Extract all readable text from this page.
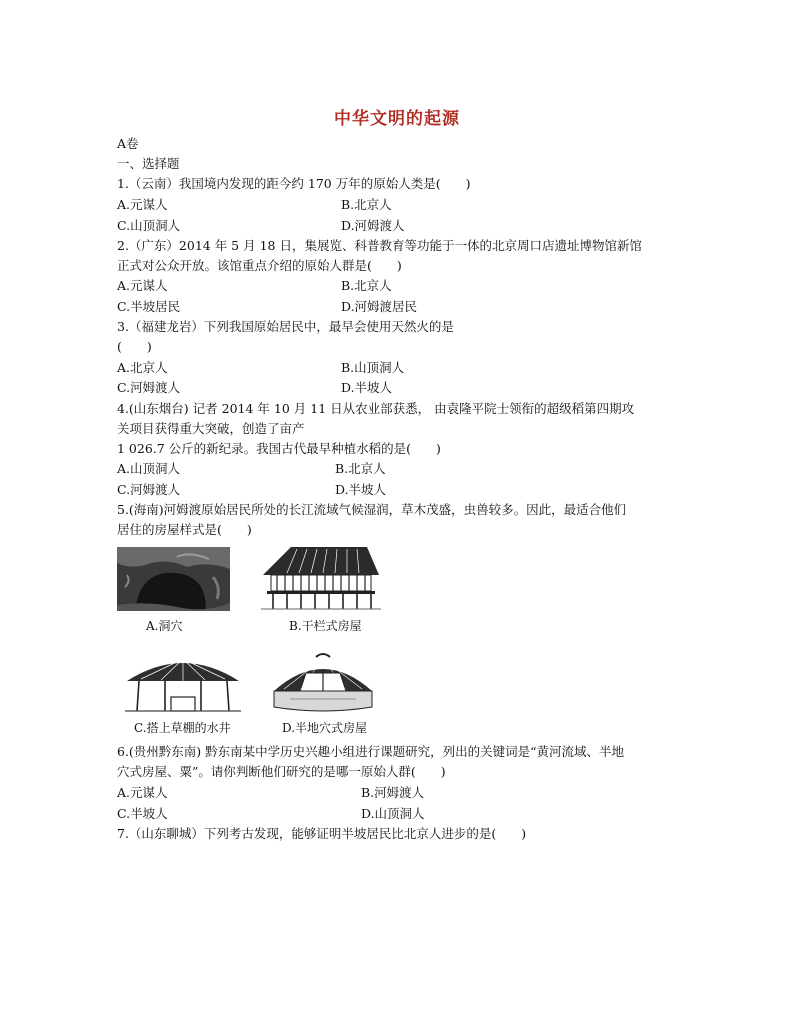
中华文明的起源
A卷
一、选择题
1.（云南）我国境内发现的距今约 170 万年的原始人类是(　　)
A.元谋人	B.北京人
C.山顶洞人	D.河姆渡人
2.（广东）2014 年 5 月 18 日，集展览、科普教育等功能于一体的北京周口店遗址博物馆新馆
正式对公众开放。该馆重点介绍的原始人群是(　　)
A.元谋人	B.北京人
C.半坡居民	D.河姆渡居民
3.（福建龙岩）下列我国原始居民中，最早会使用天然火的是
(　　)
A.北京人	B.山顶洞人
C.河姆渡人	D.半坡人
4.(山东烟台) 记者 2014 年 10 月 11 日从农业部获悉， 由袁隆平院士领衔的超级稻第四期攻
关项目获得重大突破，创造了亩产
1 026.7 公斤的新纪录。我国古代最早种植水稻的是(　　)
A.山顶洞人	B.北京人
C.河姆渡人	D.半坡人
5.(海南)河姆渡原始居民所处的长江流域气候湿润，草木茂盛，虫兽较多。因此，最适合他们
居住的房屋样式是(　　)
A.洞穴	B.干栏式房屋
C.搭上草棚的水井	D.半地穴式房屋
6.(贵州黔东南) 黔东南某中学历史兴趣小组进行课题研究，列出的关键词是“黄河流域、半地
穴式房屋、粟”。请你判断他们研究的是哪一原始人群(　　)
A.元谋人	B.河姆渡人
C.半坡人	D.山顶洞人
7.（山东聊城）下列考古发现，能够证明半坡居民比北京人进步的是(　　)
